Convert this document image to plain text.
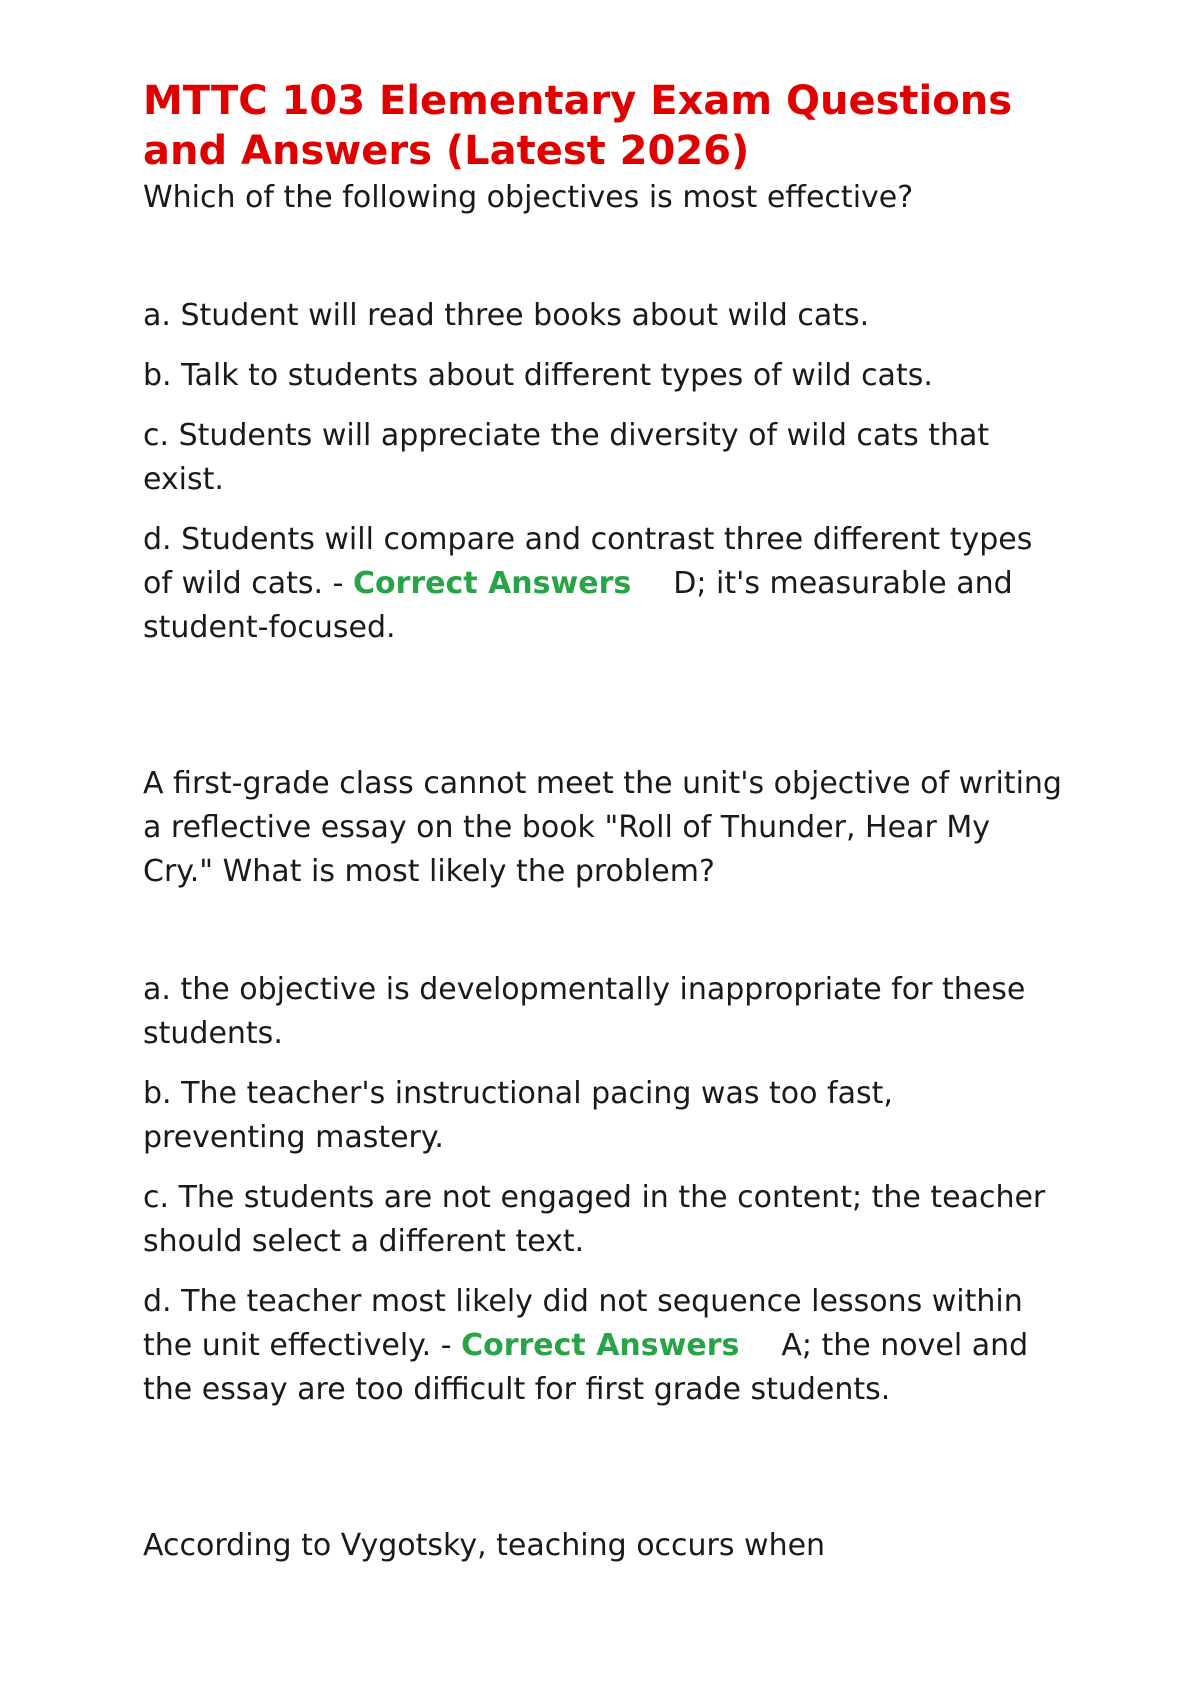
MTTC 103 Elementary Exam Questions and Answers (Latest 2026)

Which of the following objectives is most effective?

a. Student will read three books about wild cats.

b. Talk to students about different types of wild cats.

c. Students will appreciate the diversity of wild cats that exist.

d. Students will compare and contrast three different types of wild cats. - Correct Answers D; it's measurable and student-focused.

A first-grade class cannot meet the unit's objective of writing a reflective essay on the book "Roll of Thunder, Hear My Cry." What is most likely the problem?

a. the objective is developmentally inappropriate for these students.

b. The teacher's instructional pacing was too fast, preventing mastery.

c. The students are not engaged in the content; the teacher should select a different text.

d. The teacher most likely did not sequence lessons within the unit effectively. - Correct Answers A; the novel and the essay are too difficult for first grade students.

According to Vygotsky, teaching occurs when
